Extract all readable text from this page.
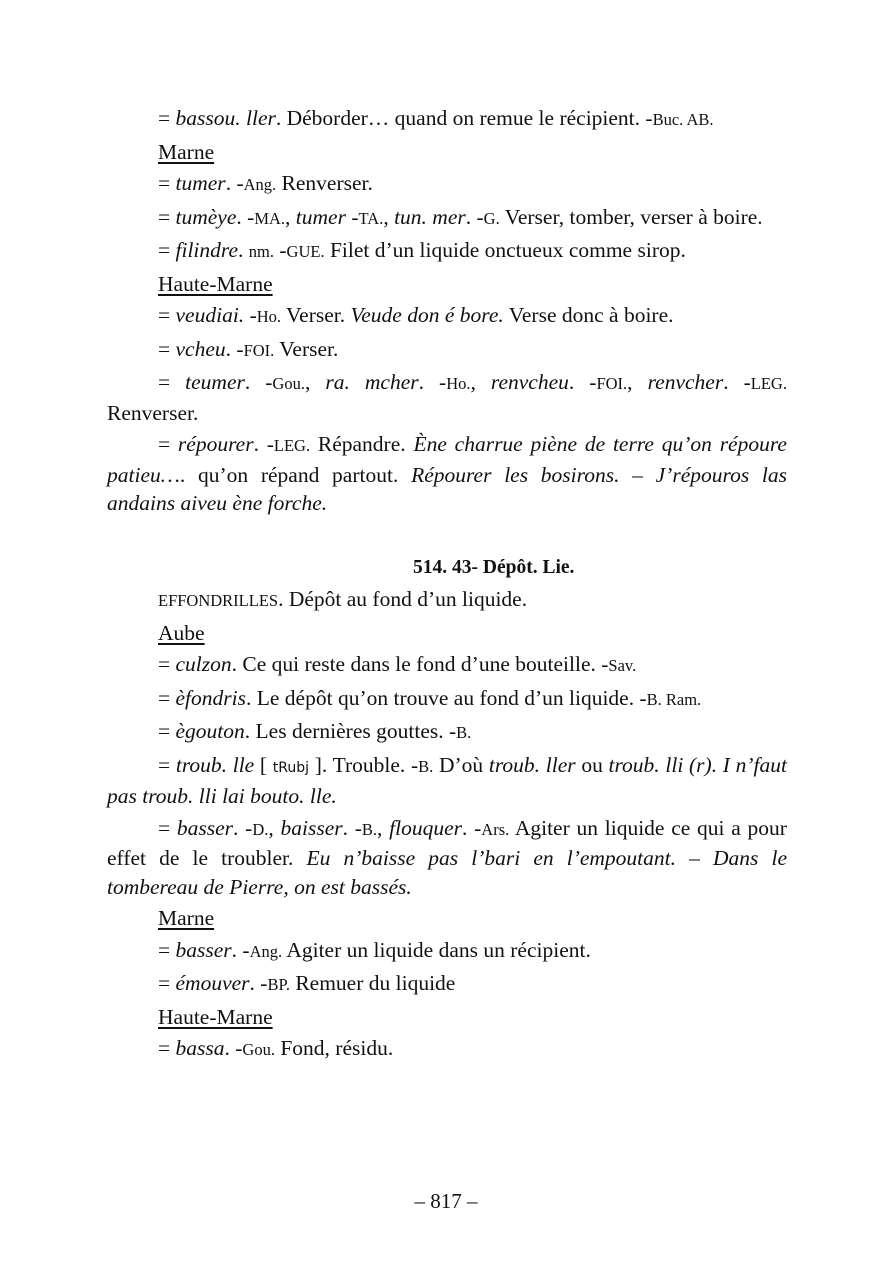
= bassou. ller. Déborder… quand on remue le récipient. -Buc. AB.

Marne

= tumer. -Ang. Renverser.

= tumèye. -MA., tumer -TA., tun. mer. -G. Verser, tomber, verser à boire.

= filindre. nm. -GUE. Filet d’un liquide onctueux comme sirop.

Haute-Marne

= veudiai. -Ho. Verser. Veude don é bore. Verse donc à boire.

= vcheu. -FOI. Verser.

= teumer. -Gou., ra. mcher. -Ho., renvcheu. -FOI., renvcher. -LEG. Renverser.

= répourer. -LEG. Répandre. Ène charrue piène de terre qu’on répoure patieu…. qu’on répand partout. Répourer les bosirons. – J’répouros las andains aiveu ène forche.

514. 43- Dépôt. Lie.

EFFONDRILLES. Dépôt au fond d’un liquide.

Aube

= culzon. Ce qui reste dans le fond d’une bouteille. -Sav.

= èfondris. Le dépôt qu’on trouve au fond d’un liquide. -B. Ram.

= ègouton. Les dernières gouttes. -B.

= troub. lle [ tRubj ]. Trouble. -B. D’où troub. ller ou troub. lli (r). I n’faut pas troub. lli lai bouto. lle.

= basser. -D., baisser. -B., flouquer. -Ars. Agiter un liquide ce qui a pour effet de le troubler. Eu n’baisse pas l’bari en l’empoutant. – Dans le tombereau de Pierre, on est bassés.

Marne

= basser. -Ang. Agiter un liquide dans un récipient.

= émouver. -BP. Remuer du liquide

Haute-Marne

= bassa. -Gou. Fond, résidu.

– 817 –
